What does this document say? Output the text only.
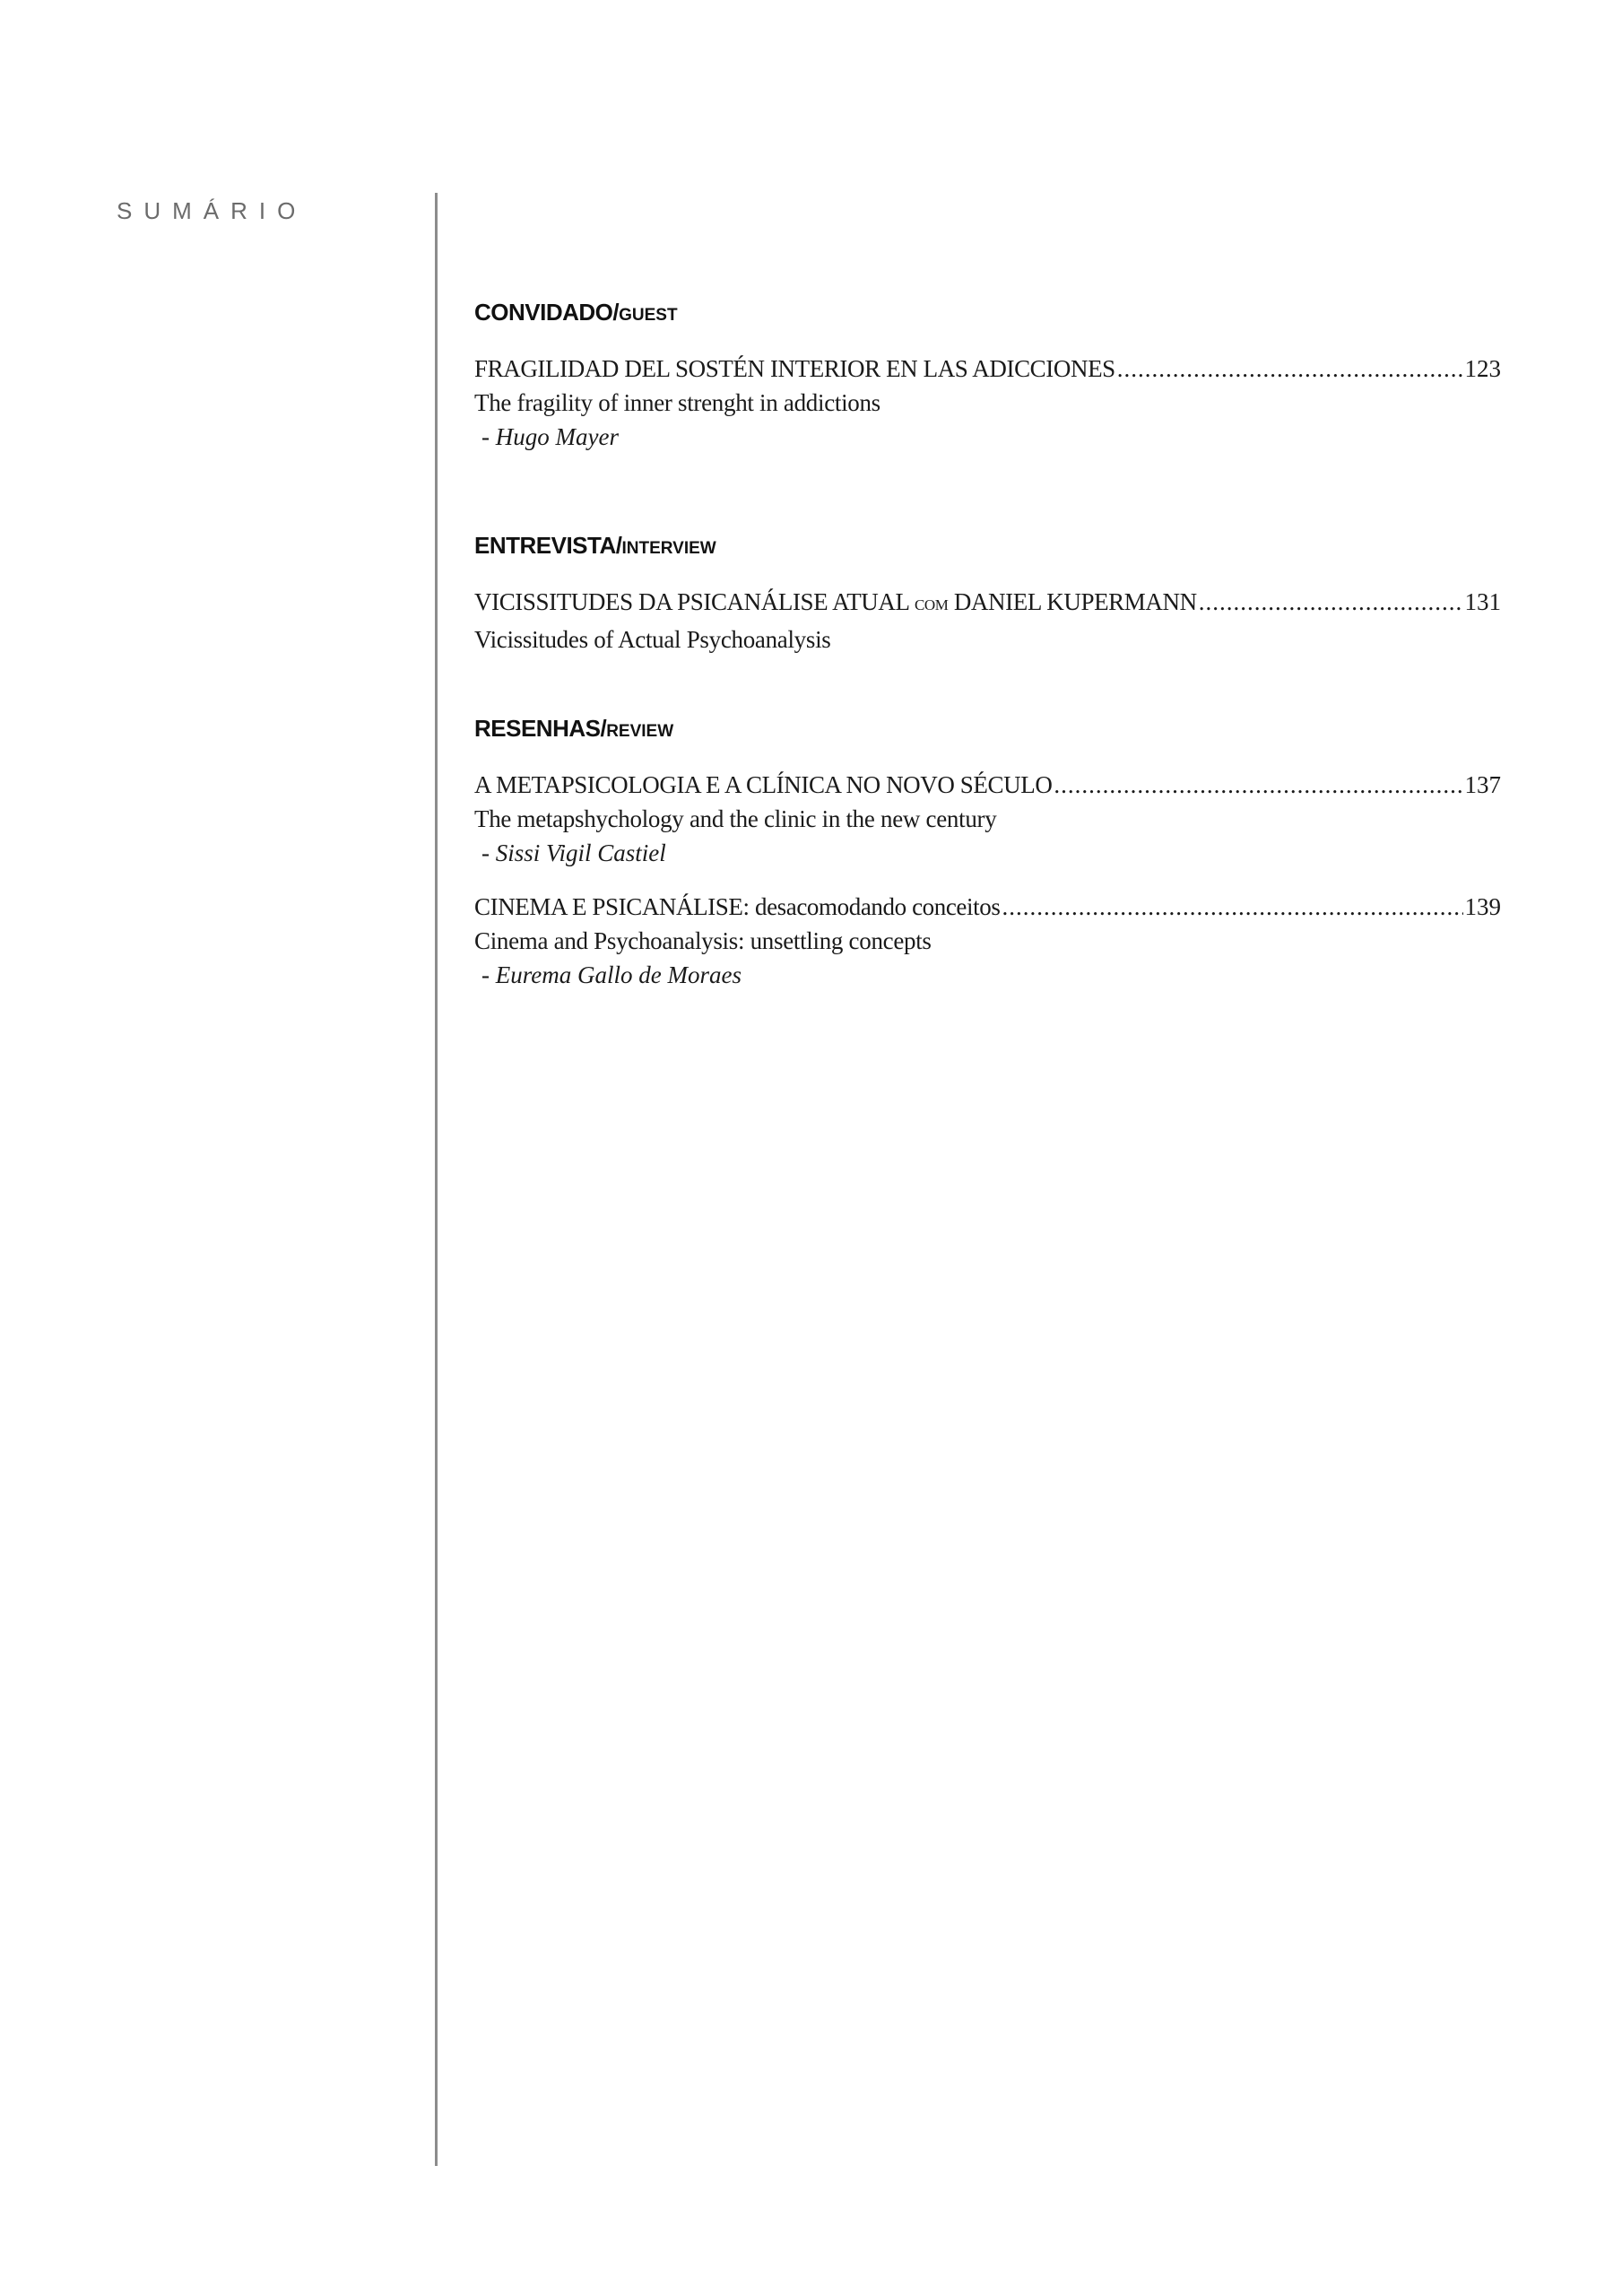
SUMÁRIO
CONVIDADO/GUEST
FRAGILIDAD DEL SOSTÉN INTERIOR EN LAS ADICCIONES .....	123
The fragility of inner strenght in addictions
- Hugo Mayer
ENTREVISTA/INTERVIEW
VICISSITUDES DA PSICANÁLISE ATUAL COM DANIEL KUPERMANN .....	131
Vicissitudes of Actual Psychoanalysis
RESENHAS/REVIEW
A METAPSICOLOGIA E A CLÍNICA NO NOVO SÉCULO .....	137
The metapshychology and the clinic in the new century
- Sissi Vigil Castiel
CINEMA E PSICANÁLISE: desacomodando conceitos .....	139
Cinema and Psychoanalysis: unsettling concepts
- Eurema Gallo de Moraes
